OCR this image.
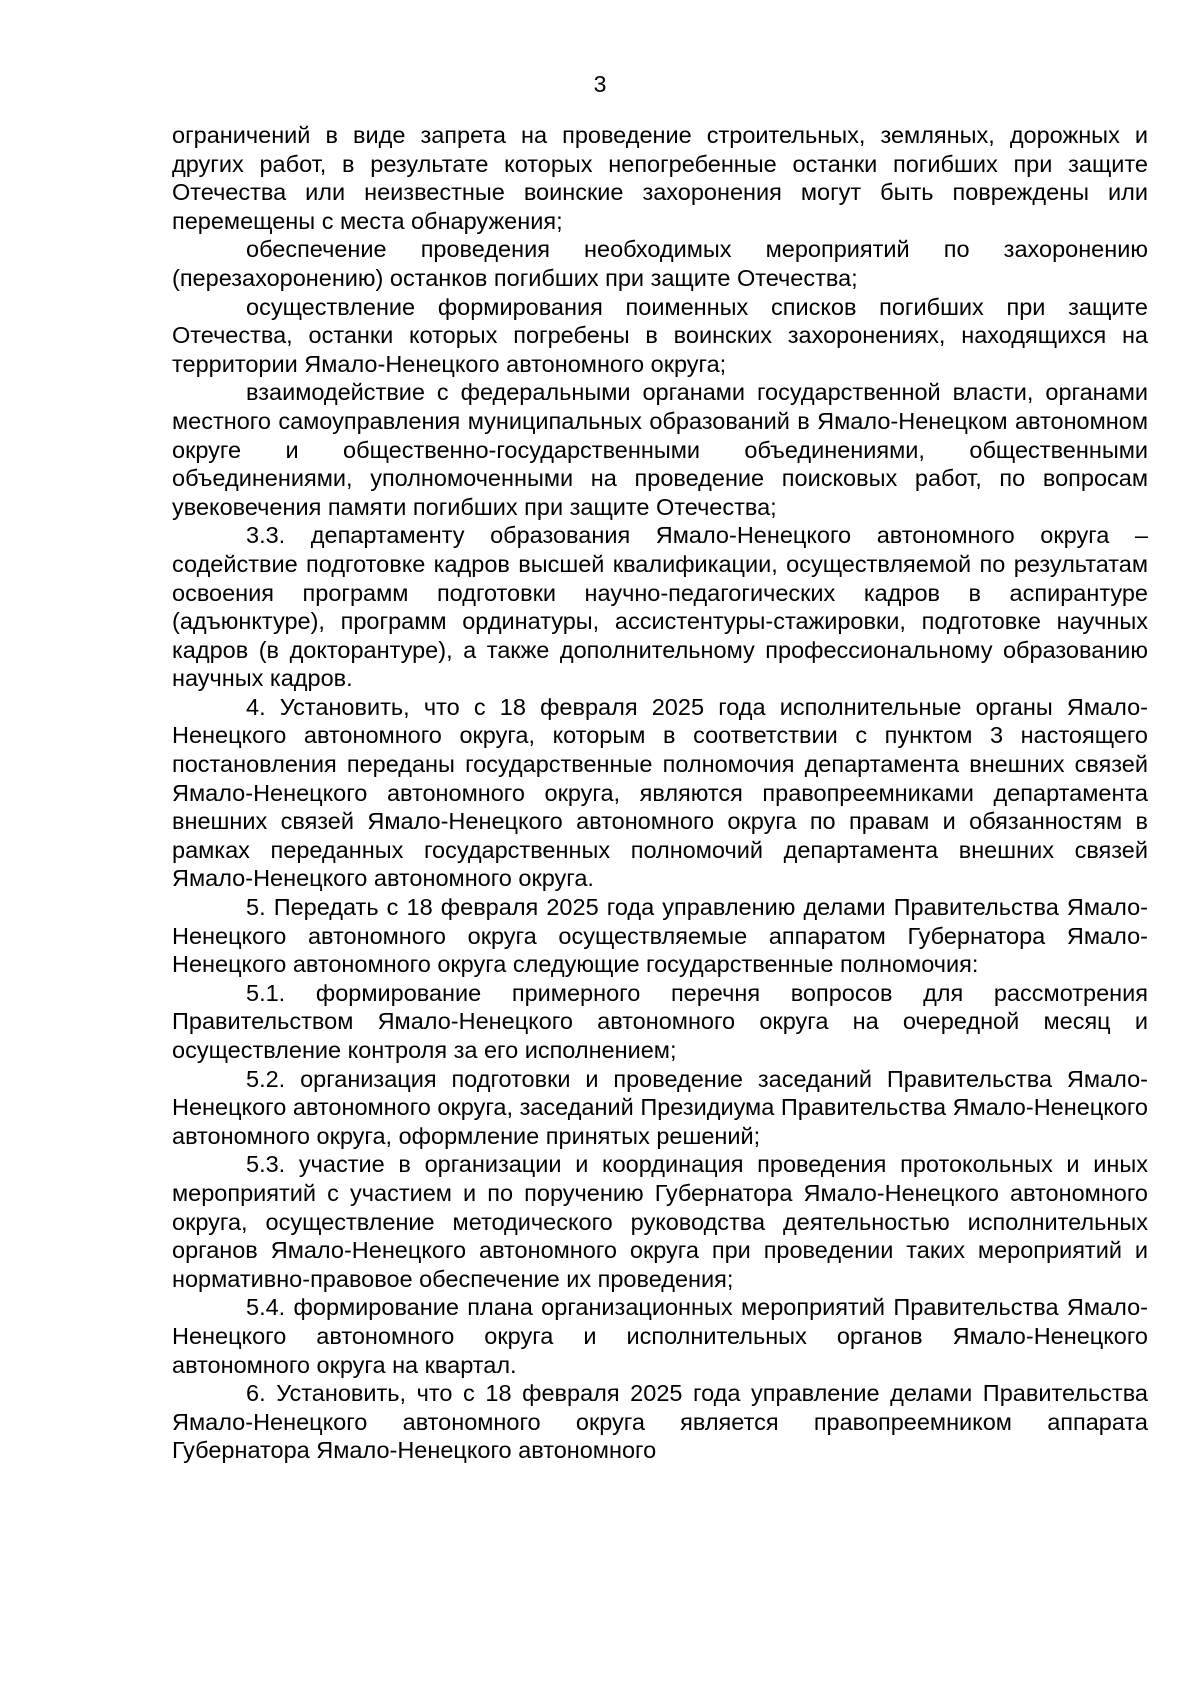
3

ограничений в виде запрета на проведение строительных, земляных, дорожных и других работ, в результате которых непогребенные останки погибших при защите Отечества или неизвестные воинские захоронения могут быть повреждены или перемещены с места обнаружения;

обеспечение проведения необходимых мероприятий по захоронению (перезахоронению) останков погибших при защите Отечества;

осуществление формирования поименных списков погибших при защите Отечества, останки которых погребены в воинских захоронениях, находящихся на территории Ямало-Ненецкого автономного округа;

взаимодействие с федеральными органами государственной власти, органами местного самоуправления муниципальных образований в Ямало-Ненецком автономном округе и общественно-государственными объединениями, общественными объединениями, уполномоченными на проведение поисковых работ, по вопросам увековечения памяти погибших при защите Отечества;

3.3. департаменту образования Ямало-Ненецкого автономного округа – содействие подготовке кадров высшей квалификации, осуществляемой по результатам освоения программ подготовки научно-педагогических кадров в аспирантуре (адъюнктуре), программ ординатуры, ассистентуры-стажировки, подготовке научных кадров (в докторантуре), а также дополнительному профессиональному образованию научных кадров.

4. Установить, что с 18 февраля 2025 года исполнительные органы Ямало-Ненецкого автономного округа, которым в соответствии с пунктом 3 настоящего постановления переданы государственные полномочия департамента внешних связей Ямало-Ненецкого автономного округа, являются правопреемниками департамента внешних связей Ямало-Ненецкого автономного округа по правам и обязанностям в рамках переданных государственных полномочий департамента внешних связей Ямало-Ненецкого автономного округа.

5. Передать с 18 февраля 2025 года управлению делами Правительства Ямало-Ненецкого автономного округа осуществляемые аппаратом Губернатора Ямало-Ненецкого автономного округа следующие государственные полномочия:

5.1. формирование примерного перечня вопросов для рассмотрения Правительством Ямало-Ненецкого автономного округа на очередной месяц и осуществление контроля за его исполнением;

5.2. организация подготовки и проведение заседаний Правительства Ямало-Ненецкого автономного округа, заседаний Президиума Правительства Ямало-Ненецкого автономного округа, оформление принятых решений;

5.3. участие в организации и координация проведения протокольных и иных мероприятий с участием и по поручению Губернатора Ямало-Ненецкого автономного округа, осуществление методического руководства деятельностью исполнительных органов Ямало-Ненецкого автономного округа при проведении таких мероприятий и нормативно-правовое обеспечение их проведения;

5.4. формирование плана организационных мероприятий Правительства Ямало-Ненецкого автономного округа и исполнительных органов Ямало-Ненецкого автономного округа на квартал.

6. Установить, что с 18 февраля 2025 года управление делами Правительства Ямало-Ненецкого автономного округа является правопреемником аппарата Губернатора Ямало-Ненецкого автономного
